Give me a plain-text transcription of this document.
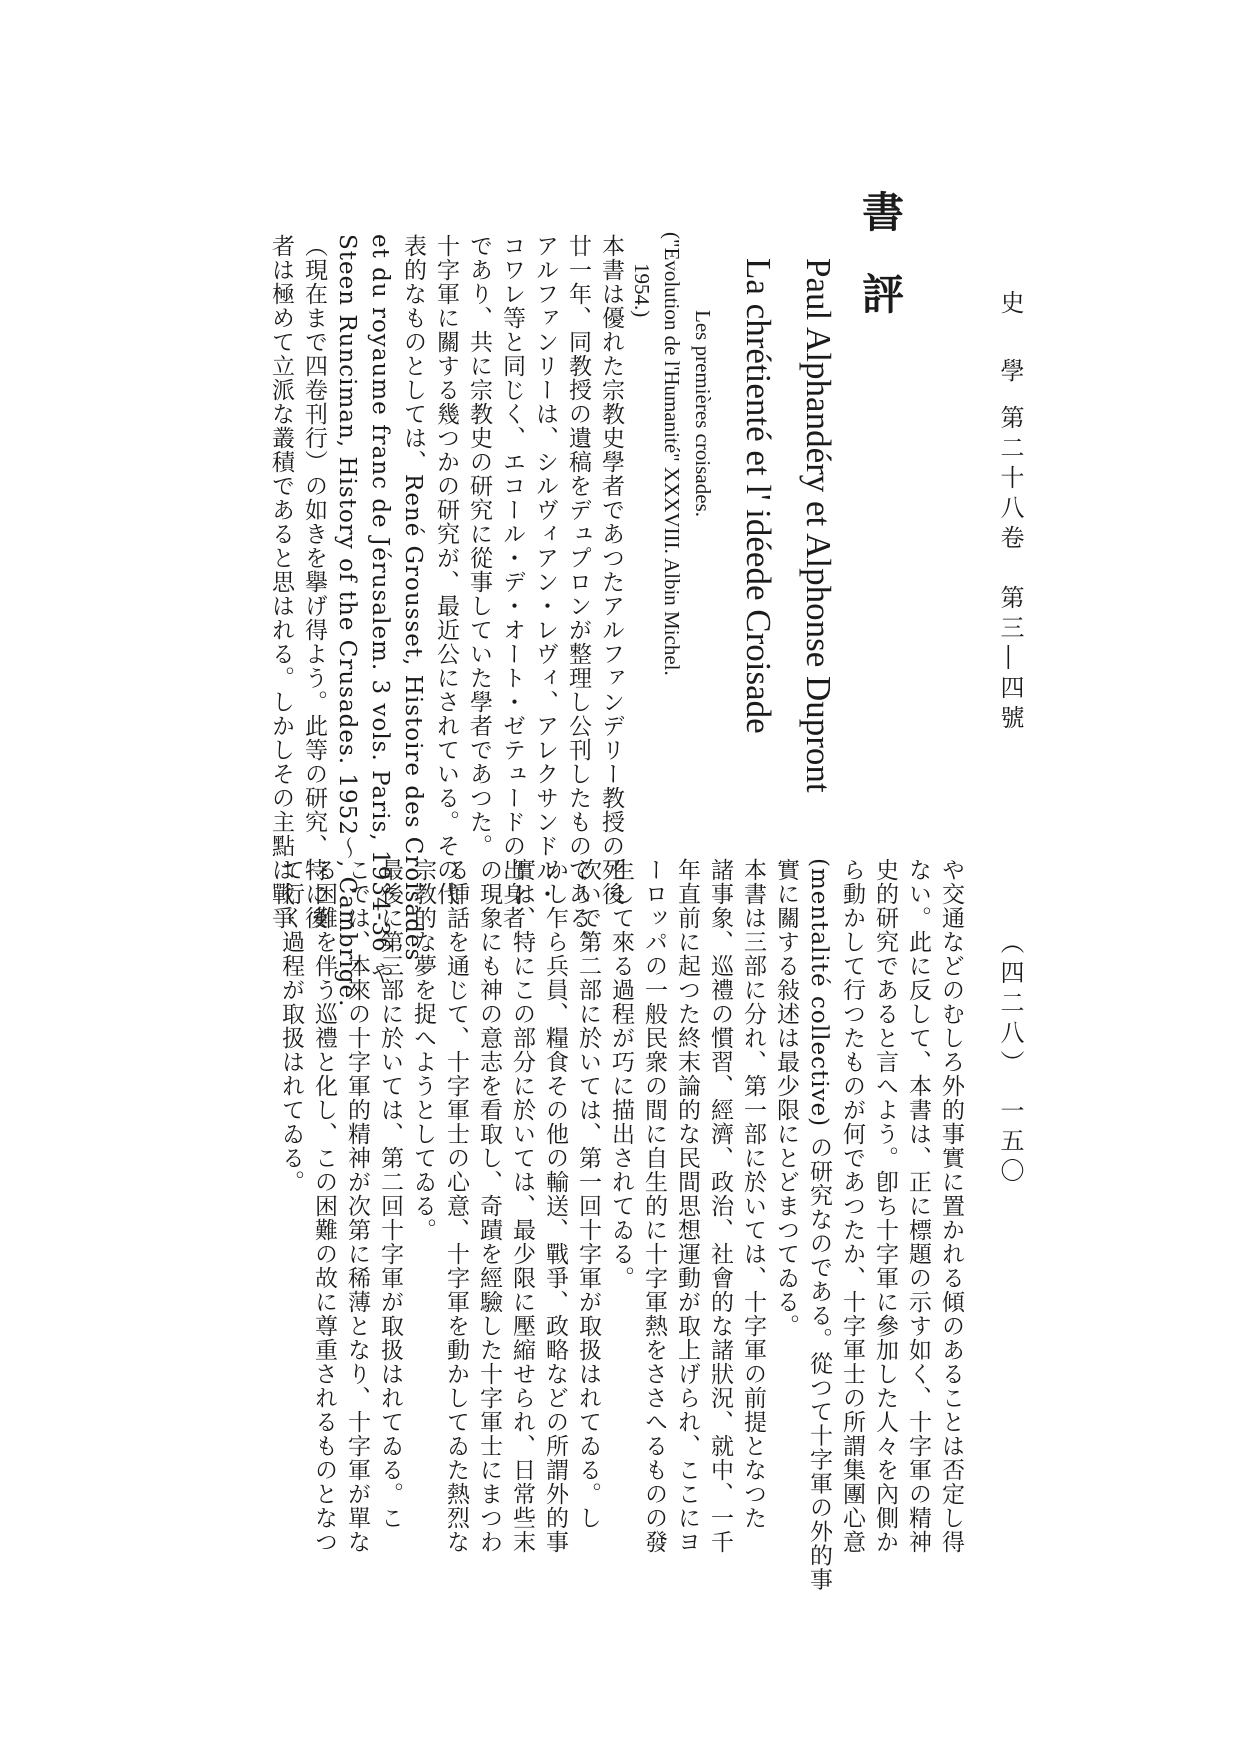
史　學
第二十八卷　第三―四號
（四二八）　一五〇
書評
Paul Alphandéry et Alphonse Dupront
La chrétienté et l' idéede Croisade
Les premières croisades.
("Evolution de l'Humanité" XXXVIII. Albin Michel.
1954.)
本書は優れた宗教史學者であつたアルファンデリー教授の死後
廿一年、同教授の遺稿をデュプロンが整理し公刊したものである。
アルファンリーは、シルヴィアン・レヴィ、アレクサンドル・
コワレ等と同じく、エコール・デ・オート・ゼテュードの出身者
であり、共に宗教史の研究に從事していた學者であつた。
十字軍に關する幾つかの研究が、最近公にされている。その代
表的なものとしては、René Grousset, Histoire des Croisades
et du royaume franc de Jérusalem. 3 vols. Paris, 1934-36 や
Steen Runciman, History of the Crusades. 1952～, Cambrige.
（現在まで四卷刊行）の如きを擧げ得よう。此等の研究、特に後
者は極めて立派な叢積であると思はれる。しかしその主點は戰爭
や交通などのむしろ外的事實に置かれる傾のあることは否定し得
ない。此に反して、本書は、正に標題の示す如く、十字軍の精神
史的研究であると言へよう。卽ち十字軍に參加した人々を內側か
ら動かして行つたものが何であつたか、十字軍士の所謂集團心意
(mentalité collective) の研究なのである。從つて十字軍の外的事
實に關する敍述は最少限にとどまつてゐる。
本書は三部に分れ、第一部に於いては、十字軍の前提となつた
諸事象、巡禮の慣習、經濟、政治、社會的な諸狀況、就中、一千
年直前に起つた終末論的な民間思想運動が取上げられ、ここにヨ
ーロッパの一般民衆の間に自生的に十字軍熱をささへるものの發
生して來る過程が巧に描出されてゐる。
次いで第二部に於いては、第一回十字軍が取扱はれてゐる。し
かし乍ら兵員、糧食その他の輸送、戰爭、政略などの所謂外的事
實は、特にこの部分に於いては、最少限に壓縮せられ、日常些末
の現象にも神の意志を看取し、奇蹟を經驗した十字軍士にまつわ
る挿話を通じて、十字軍士の心意、十字軍を動かしてゐた熱烈な
宗教的な夢を捉へようとしてゐる。
最後に第三部に於いては、第二回十字軍が取扱はれてゐる。こ
こでは、本來の十字軍的精神が次第に稀薄となり、十字軍が單な
る困難を伴う巡禮と化し、この困難の故に尊重されるものとなつ
て行く過程が取扱はれてゐる。
